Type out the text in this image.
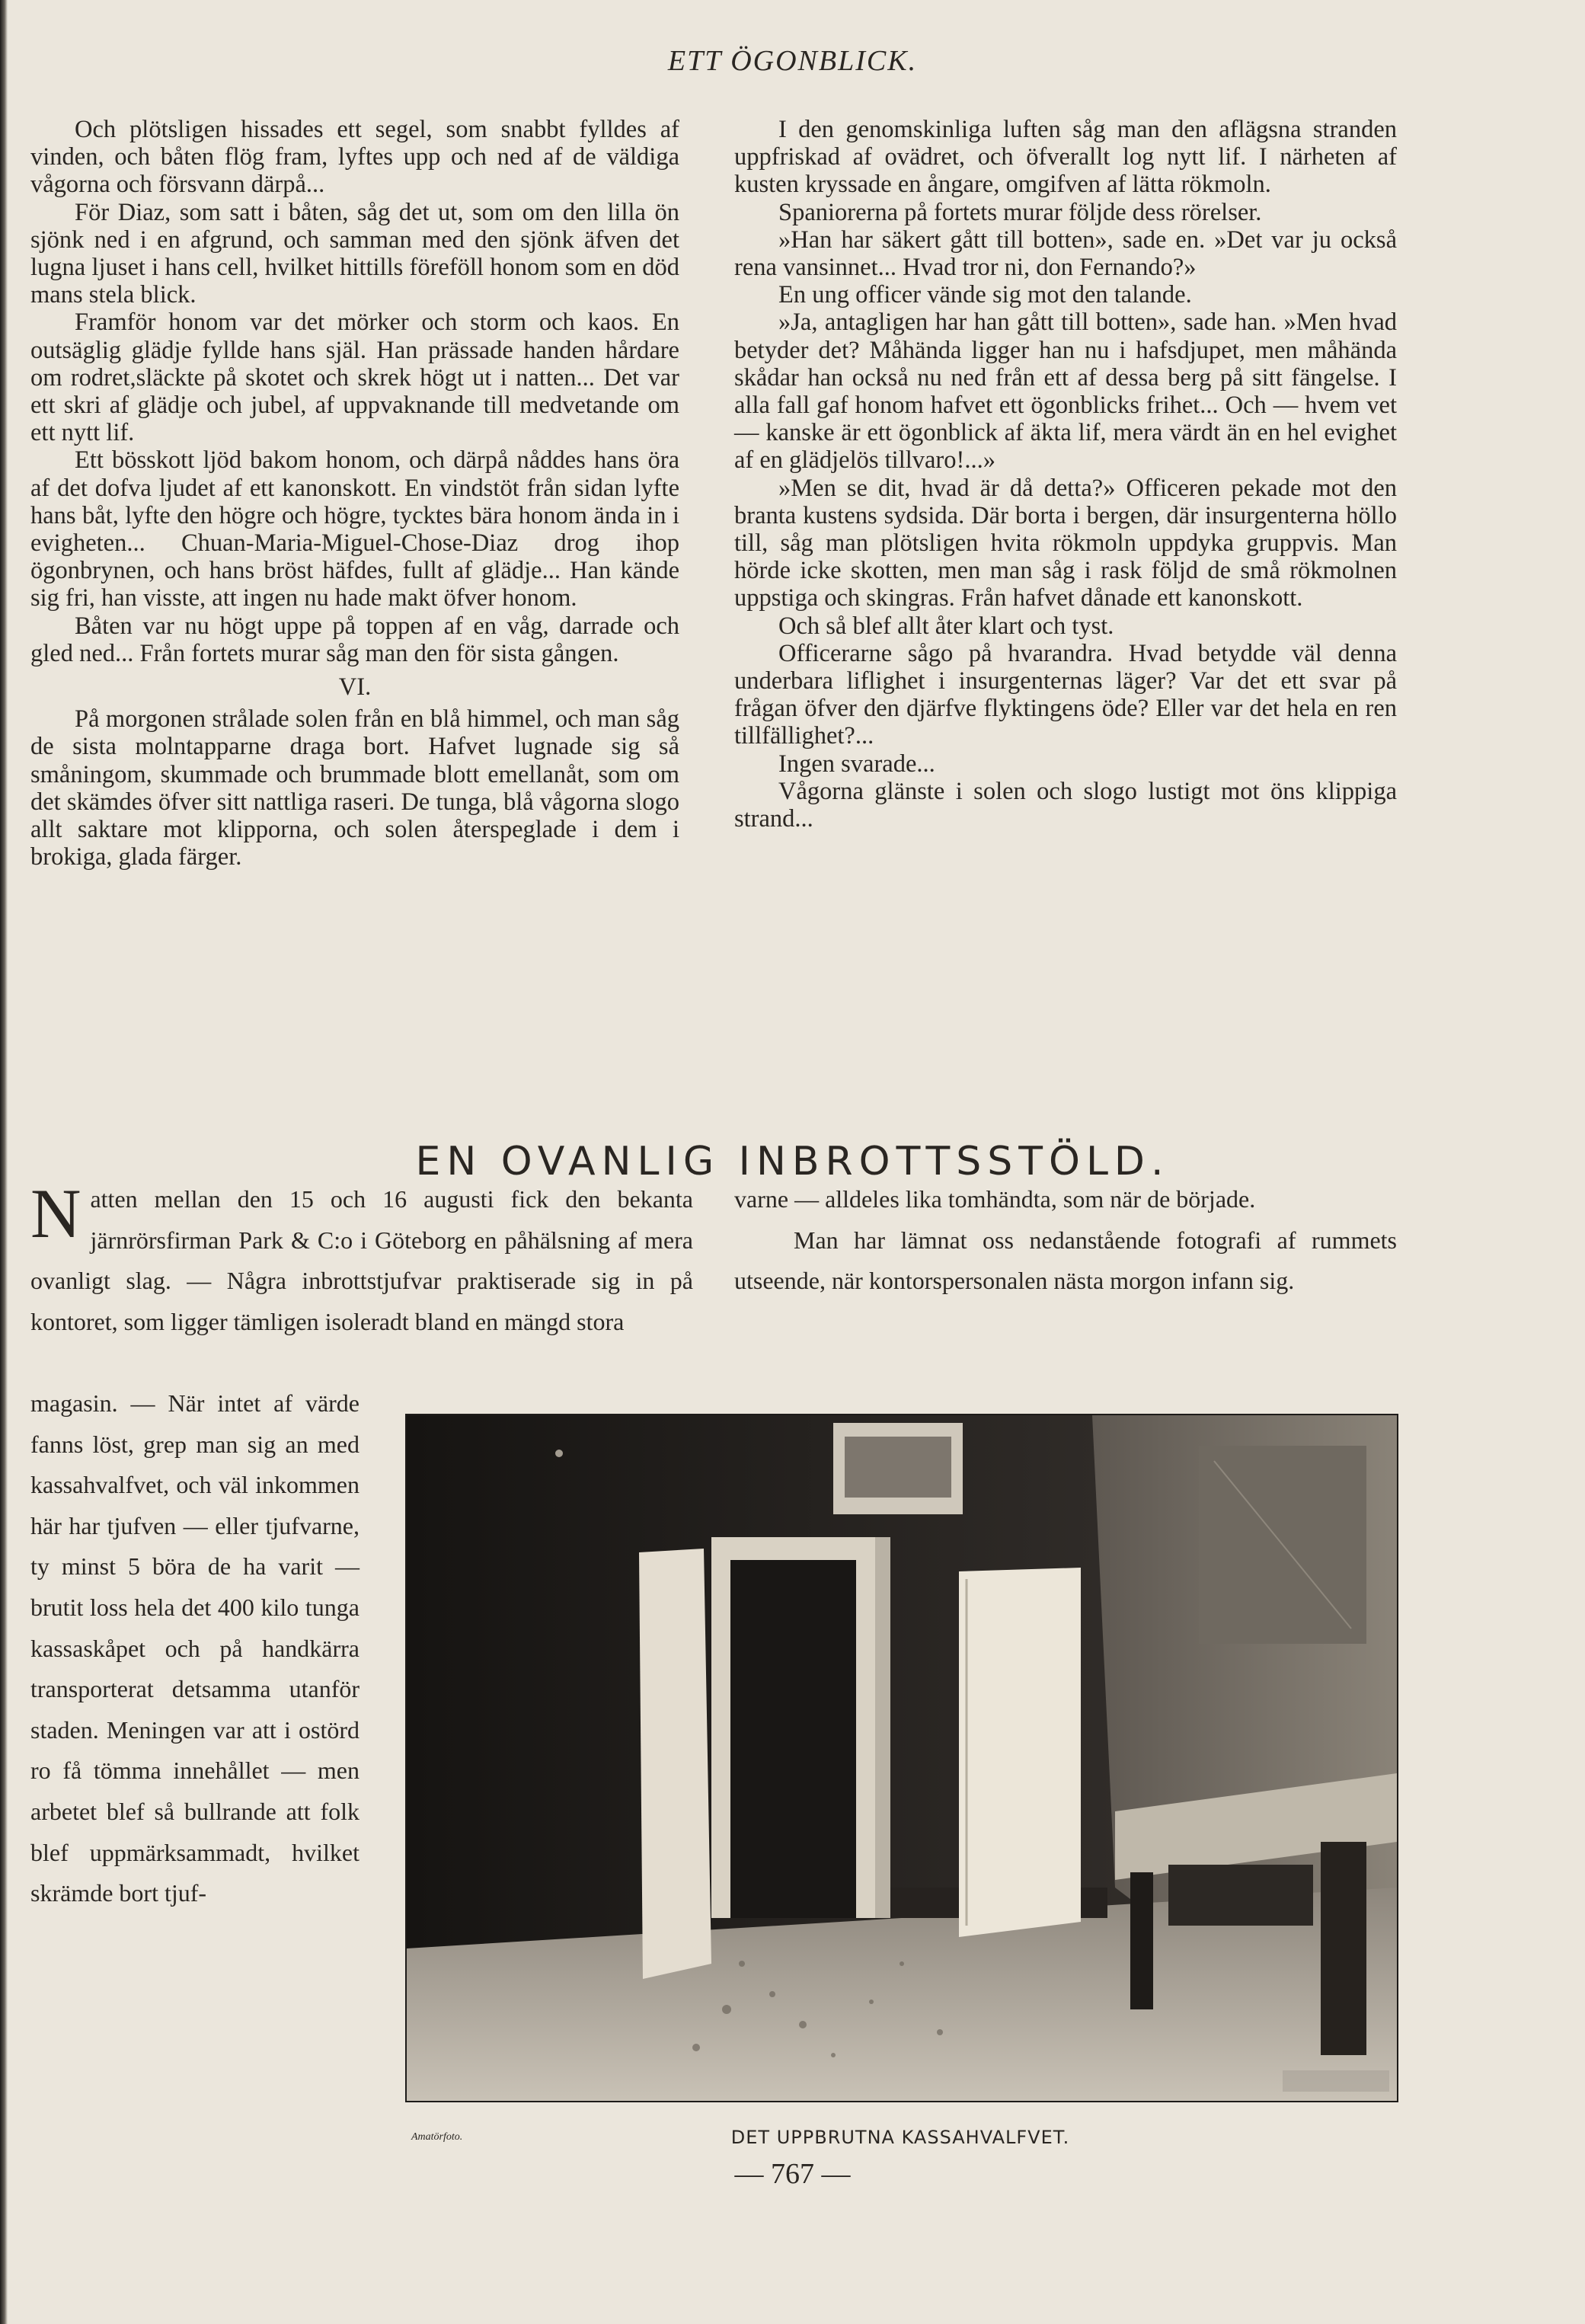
ETT ÖGONBLICK.

Och plötsligen hissades ett segel, som snabbt fylldes af vinden, och båten flög fram, lyftes upp och ned af de väldiga vågorna och försvann därpå...

För Diaz, som satt i båten, såg det ut, som om den lilla ön sjönk ned i en afgrund, och samman med den sjönk äfven det lugna ljuset i hans cell, hvilket hittills föreföll honom som en död mans stela blick.

Framför honom var det mörker och storm och kaos. En outsäglig glädje fyllde hans själ. Han prässade handen hårdare om rodret,släckte på skotet och skrek högt ut i natten... Det var ett skri af glädje och jubel, af uppvaknande till medvetande om ett nytt lif.

Ett bösskott ljöd bakom honom, och därpå nåddes hans öra af det dofva ljudet af ett kanonskott. En vindstöt från sidan lyfte hans båt, lyfte den högre och högre, tycktes bära honom ända in i evigheten... Chuan-Maria-Miguel-Chose-Diaz drog ihop ögonbrynen, och hans bröst häfdes, fullt af glädje... Han kände sig fri, han visste, att ingen nu hade makt öfver honom.

Båten var nu högt uppe på toppen af en våg, darrade och gled ned... Från fortets murar såg man den för sista gången.

VI.

På morgonen strålade solen från en blå himmel, och man såg de sista molntapparne draga bort. Hafvet lugnade sig så småningom, skummade och brummade blott emellanåt, som om det skämdes öfver sitt nattliga raseri. De tunga, blå vågorna slogo allt saktare mot klipporna, och solen återspeglade i dem i brokiga, glada färger.

I den genomskinliga luften såg man den aflägsna stranden uppfriskad af ovädret, och öfverallt log nytt lif. I närheten af kusten kryssade en ångare, omgifven af lätta rökmoln.

Spaniorerna på fortets murar följde dess rörelser.

»Han har säkert gått till botten», sade en. »Det var ju också rena vansinnet... Hvad tror ni, don Fernando?»

En ung officer vände sig mot den talande.

»Ja, antagligen har han gått till botten», sade han. »Men hvad betyder det? Måhända ligger han nu i hafsdjupet, men måhända skådar han också nu ned från ett af dessa berg på sitt fängelse. I alla fall gaf honom hafvet ett ögonblicks frihet... Och — hvem vet — kanske är ett ögonblick af äkta lif, mera värdt än en hel evighet af en glädjelös tillvaro!...»

»Men se dit, hvad är då detta?» Officeren pekade mot den branta kustens sydsida. Där borta i bergen, där insurgenterna höllo till, såg man plötsligen hvita rökmoln uppdyka gruppvis. Man hörde icke skotten, men man såg i rask följd de små rökmolnen uppstiga och skingras. Från hafvet dånade ett kanonskott.

Och så blef allt åter klart och tyst.

Officerarne sågo på hvarandra. Hvad betydde väl denna underbara liflighet i insurgenternas läger? Var det ett svar på frågan öfver den djärfve flyktingens öde? Eller var det hela en ren tillfällighet?...

Ingen svarade...

Vågorna glänste i solen och slogo lustigt mot öns klippiga strand...

EN OVANLIG INBROTTSSTÖLD.

Natten mellan den 15 och 16 augusti fick den bekanta järnrörsfirman Park & C:o i Göteborg en påhälsning af mera ovanligt slag. — Några inbrottstjufvar praktiserade sig in på kontoret, som ligger tämligen isoleradt bland en mängd stora

magasin. — När intet af värde fanns löst, grep man sig an med kassahvalfvet, och väl inkommen här har tjufven — eller tjufvarne, ty minst 5 böra de ha varit — brutit loss hela det 400 kilo tunga kassaskåpet och på handkärra transporterat detsamma utanför staden. Meningen var att i ostörd ro få tömma innehållet — men arbetet blef så bullrande att folk blef uppmärksammadt, hvilket skrämde bort tjuf-

varne — alldeles lika tomhändta, som när de började.

Man har lämnat oss nedanstående fotografi af rummets utseende, när kontorspersonalen nästa morgon infann sig.

Amatörfoto.	DET UPPBRUTNA KASSAHVALFVET.
— 767 —
